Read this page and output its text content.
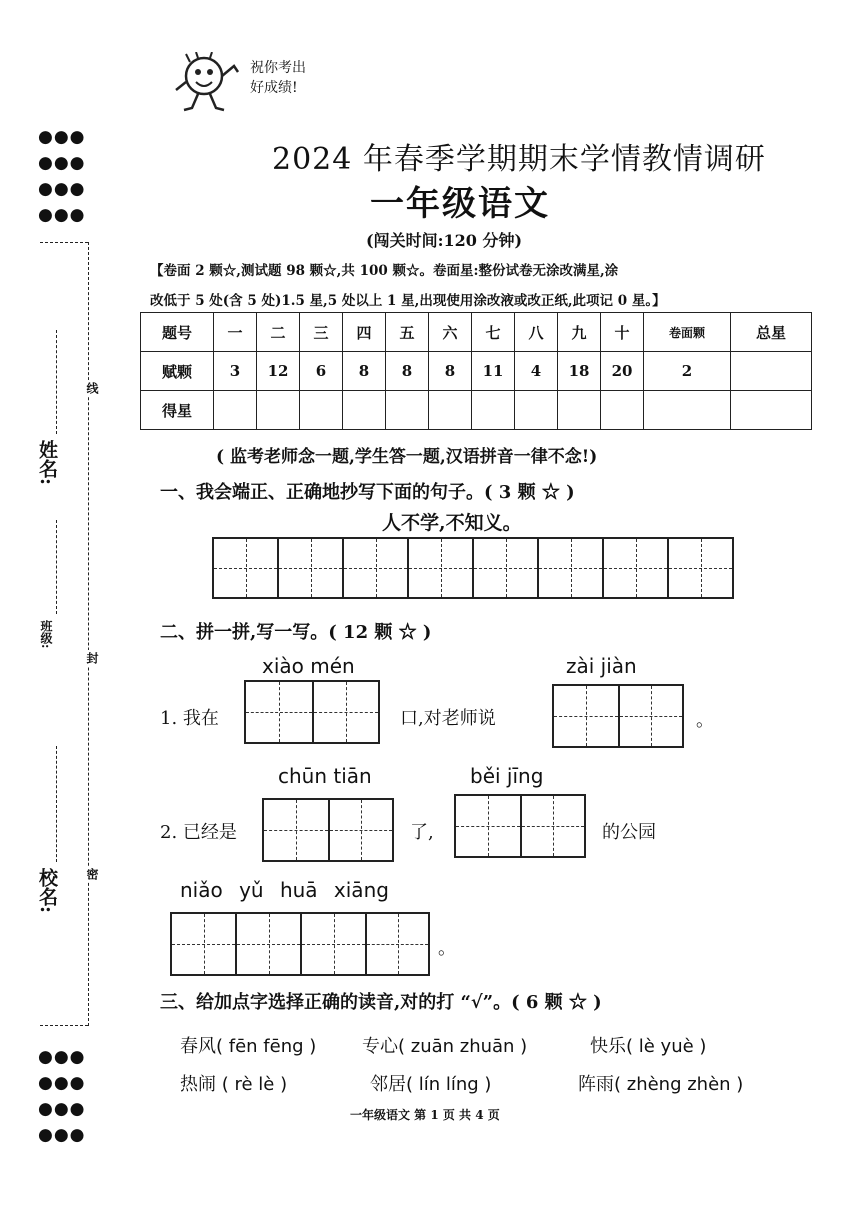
祝你考出
好成绩!
2024 年春季学期期末学情教情调研
一年级语文
(闯关时间:120 分钟)
【卷面 2 颗☆,测试题 98 颗☆,共 100 颗☆。卷面星:整份试卷无涂改满星,涂
改低于 5 处(含 5 处)1.5 星,5 处以上 1 星,出现使用涂改液或改正纸,此项记 0 星。】
题号	一	二	三	四	五	六	七	八	九	十	卷面颗	总星
赋颗	3	12	6	8	8	8	11	4	18	20	2	
得星												
( 监考老师念一题,学生答一题,汉语拼音一律不念!)
一、我会端正、正确地抄写下面的句子。( 3 颗 ☆ )
人不学,不知义。
二、拼一拼,写一写。( 12 颗 ☆ )
xiào mén	zài jiàn
1. 我在	口,对老师说	。
chūn tiān	běi jīng
2. 已经是	了,	的公园
niǎo yǔ huā xiāng
。
三、给加点字选择正确的读音,对的打 “√”。( 6 颗 ☆ )
春风( fēn fēng )	专心( zuān zhuān )	快乐( lè yuè )
热闹 ( rè lè )	邻居( lín líng )	阵雨( zhèng zhèn )
一年级语文 第 1 页 共 4 页
●●●
●●●
●●●
●●●
●●●
●●●
●●●
●●●
线
封
密
姓名:
班级:
校名:
